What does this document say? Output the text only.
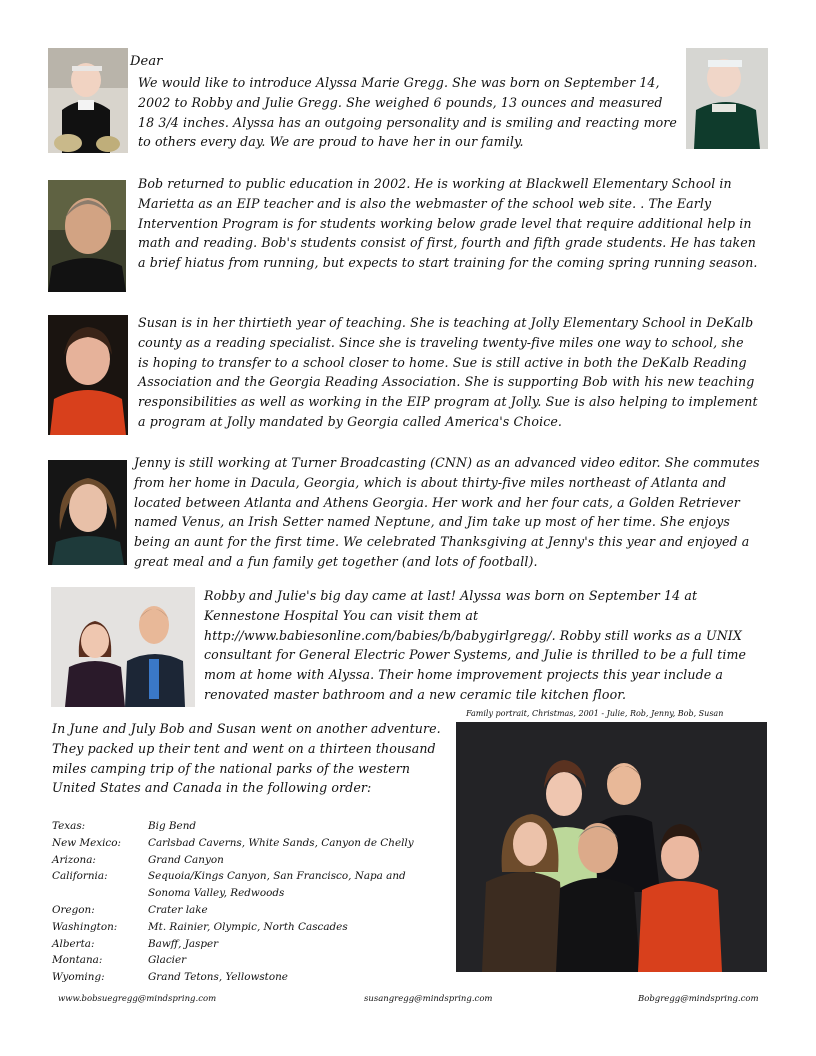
Dear

We would like to introduce Alyssa Marie Gregg. She was born on September 14, 2002 to Robby and Julie Gregg. She weighed 6 pounds, 13 ounces and measured 18 3/4 inches. Alyssa has an outgoing personality and is smiling and reacting more to others every day. We are proud to have her in our family.

Bob returned to public education in 2002. He is working at Blackwell Elementary School in Marietta as an EIP teacher and is also the webmaster of the school web site. . The Early Intervention Program is for students working below grade level that require additional help in math and reading. Bob's students consist of first, fourth and fifth grade students. He has taken a brief hiatus from running, but expects to start training for the coming spring running season.

Susan is in her thirtieth year of teaching. She is teaching at Jolly Elementary School in DeKalb county as a reading specialist. Since she is traveling twenty-five miles one way to school, she is hoping to transfer to a school closer to home. Sue is still active in both the DeKalb Reading Association and the Georgia Reading Association. She is supporting Bob with his new teaching responsibilities as well as working in the EIP program at Jolly. Sue is also helping to implement a program at Jolly mandated by Georgia called America's Choice.

Jenny is still working at Turner Broadcasting (CNN) as an advanced video editor. She commutes from her home in Dacula, Georgia, which is about thirty-five miles northeast of Atlanta and located between Atlanta and Athens Georgia. Her work and her four cats, a Golden Retriever named Venus, an Irish Setter named Neptune, and Jim take up most of her time. She enjoys being an aunt for the first time. We celebrated Thanksgiving at Jenny's this year and enjoyed a great meal and a fun family get together (and lots of football).

Robby and Julie's big day came at last! Alyssa was born on September 14 at Kennestone Hospital You can visit them at http://www.babiesonline.com/babies/b/babygirlgregg/. Robby still works as a UNIX consultant for General Electric Power Systems, and Julie is thrilled to be a full time mom at home with Alyssa. Their home improvement projects this year include a renovated master bathroom and a new ceramic tile kitchen floor.

Family portrait, Christmas, 2001 - Julie, Rob, Jenny, Bob, Susan

In June and July Bob and Susan went on another adventure. They packed up their tent and went on a thirteen thousand miles camping trip of the national parks of the western United States and Canada in the following order:

Texas:	Big Bend
New Mexico:	Carlsbad Caverns, White Sands, Canyon de Chelly
Arizona:	Grand Canyon
California:	Sequoia/Kings Canyon, San Francisco, Napa and Sonoma Valley, Redwoods
Oregon:	Crater lake
Washington:	Mt. Rainier, Olympic, North Cascades
Alberta:	Bawff, Jasper
Montana:	Glacier
Wyoming:	Grand Tetons, Yellowstone
www.bobsuegregg@mindspring.com	susangregg@mindspring.com	Bobgregg@mindspring.com
